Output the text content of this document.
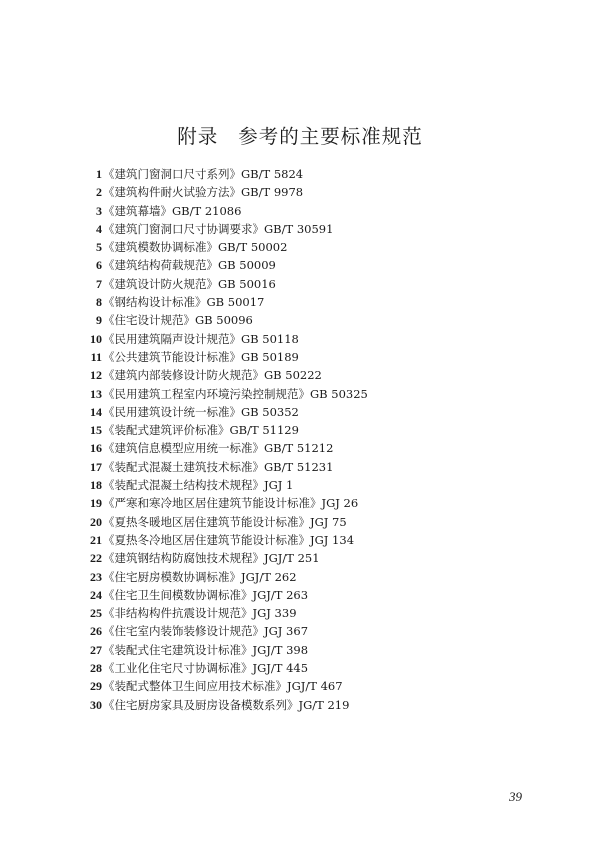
附录 参考的主要标准规范
1《建筑门窗洞口尺寸系列》GB/T 5824
2《建筑构件耐火试验方法》GB/T 9978
3《建筑幕墙》GB/T 21086
4《建筑门窗洞口尺寸协调要求》GB/T 30591
5《建筑模数协调标准》GB/T 50002
6《建筑结构荷载规范》GB 50009
7《建筑设计防火规范》GB 50016
8《钢结构设计标准》GB 50017
9《住宅设计规范》GB 50096
10《民用建筑隔声设计规范》GB 50118
11《公共建筑节能设计标准》GB 50189
12《建筑内部装修设计防火规范》GB 50222
13《民用建筑工程室内环境污染控制规范》GB 50325
14《民用建筑设计统一标准》GB 50352
15《装配式建筑评价标准》GB/T 51129
16《建筑信息模型应用统一标准》GB/T 51212
17《装配式混凝土建筑技术标准》GB/T 51231
18《装配式混凝土结构技术规程》JGJ 1
19《严寒和寒冷地区居住建筑节能设计标准》JGJ 26
20《夏热冬暖地区居住建筑节能设计标准》JGJ 75
21《夏热冬冷地区居住建筑节能设计标准》JGJ 134
22《建筑钢结构防腐蚀技术规程》JGJ/T 251
23《住宅厨房模数协调标准》JGJ/T 262
24《住宅卫生间模数协调标准》JGJ/T 263
25《非结构构件抗震设计规范》JGJ 339
26《住宅室内装饰装修设计规范》JGJ 367
27《装配式住宅建筑设计标准》JGJ/T 398
28《工业化住宅尺寸协调标准》JGJ/T 445
29《装配式整体卫生间应用技术标准》JGJ/T 467
30《住宅厨房家具及厨房设备模数系列》JG/T 219
39
